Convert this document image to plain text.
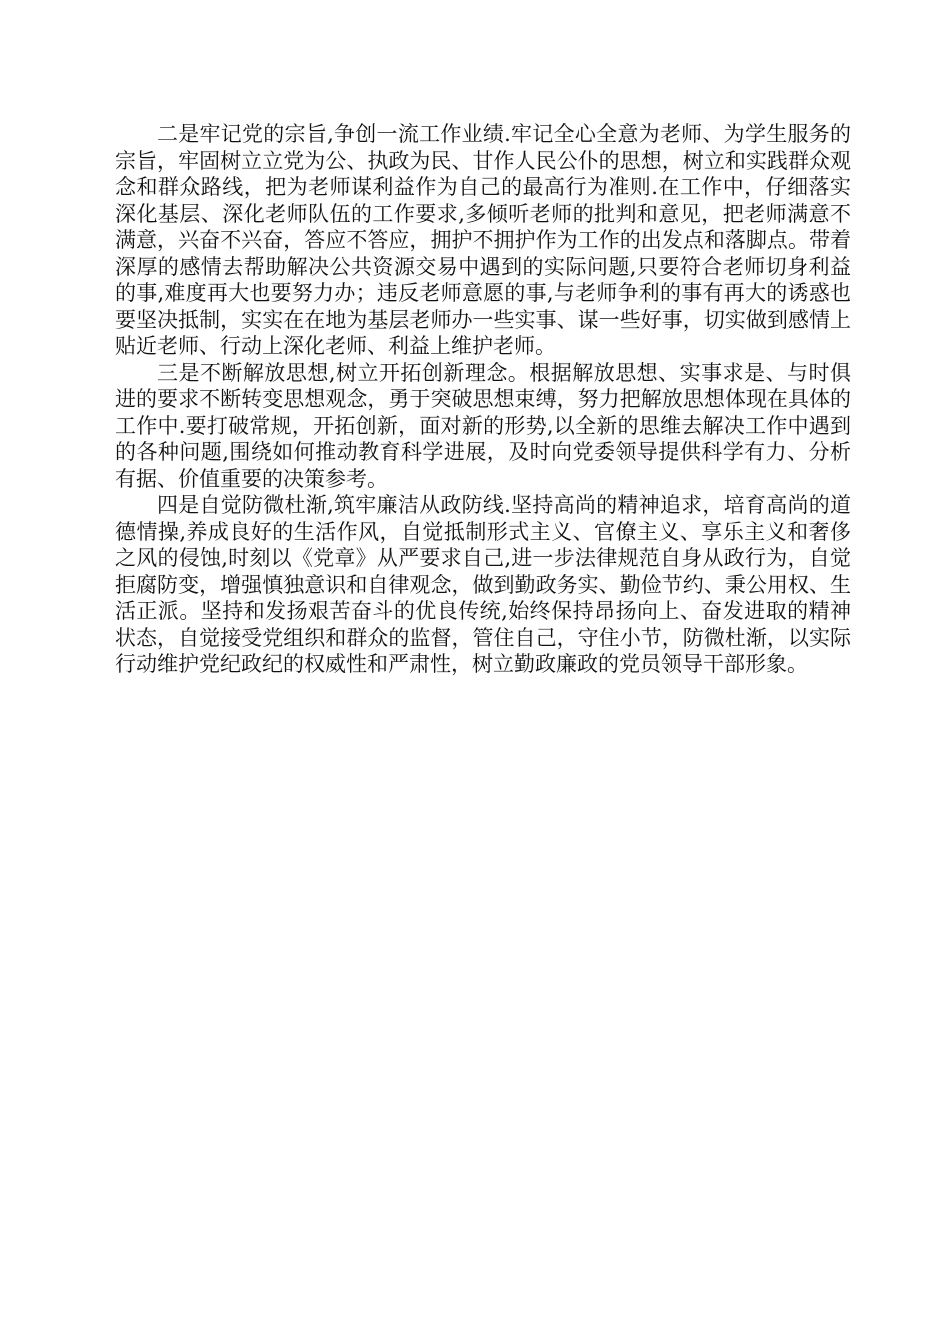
二是牢记党的宗旨,争创一流工作业绩.牢记全心全意为老师、为学生服务的宗旨，牢固树立立党为公、执政为民、甘作人民公仆的思想，树立和实践群众观念和群众路线，把为老师谋利益作为自己的最高行为准则.在工作中，仔细落实深化基层、深化老师队伍的工作要求,多倾听老师的批判和意见，把老师满意不满意，兴奋不兴奋，答应不答应，拥护不拥护作为工作的出发点和落脚点。带着深厚的感情去帮助解决公共资源交易中遇到的实际问题,只要符合老师切身利益的事,难度再大也要努力办；违反老师意愿的事,与老师争利的事有再大的诱惑也要坚决抵制，实实在在地为基层老师办一些实事、谋一些好事，切实做到感情上贴近老师、行动上深化老师、利益上维护老师。

三是不断解放思想,树立开拓创新理念。根据解放思想、实事求是、与时俱进的要求不断转变思想观念，勇于突破思想束缚，努力把解放思想体现在具体的工作中.要打破常规，开拓创新，面对新的形势,以全新的思维去解决工作中遇到的各种问题,围绕如何推动教育科学进展，及时向党委领导提供科学有力、分析有据、价值重要的决策参考。

四是自觉防微杜渐,筑牢廉洁从政防线.坚持高尚的精神追求，培育高尚的道德情操,养成良好的生活作风，自觉抵制形式主义、官僚主义、享乐主义和奢侈之风的侵蚀,时刻以《党章》从严要求自己,进一步法律规范自身从政行为，自觉拒腐防变，增强慎独意识和自律观念，做到勤政务实、勤俭节约、秉公用权、生活正派。坚持和发扬艰苦奋斗的优良传统,始终保持昂扬向上、奋发进取的精神状态，自觉接受党组织和群众的监督，管住自己，守住小节，防微杜渐，以实际行动维护党纪政纪的权威性和严肃性，树立勤政廉政的党员领导干部形象。
